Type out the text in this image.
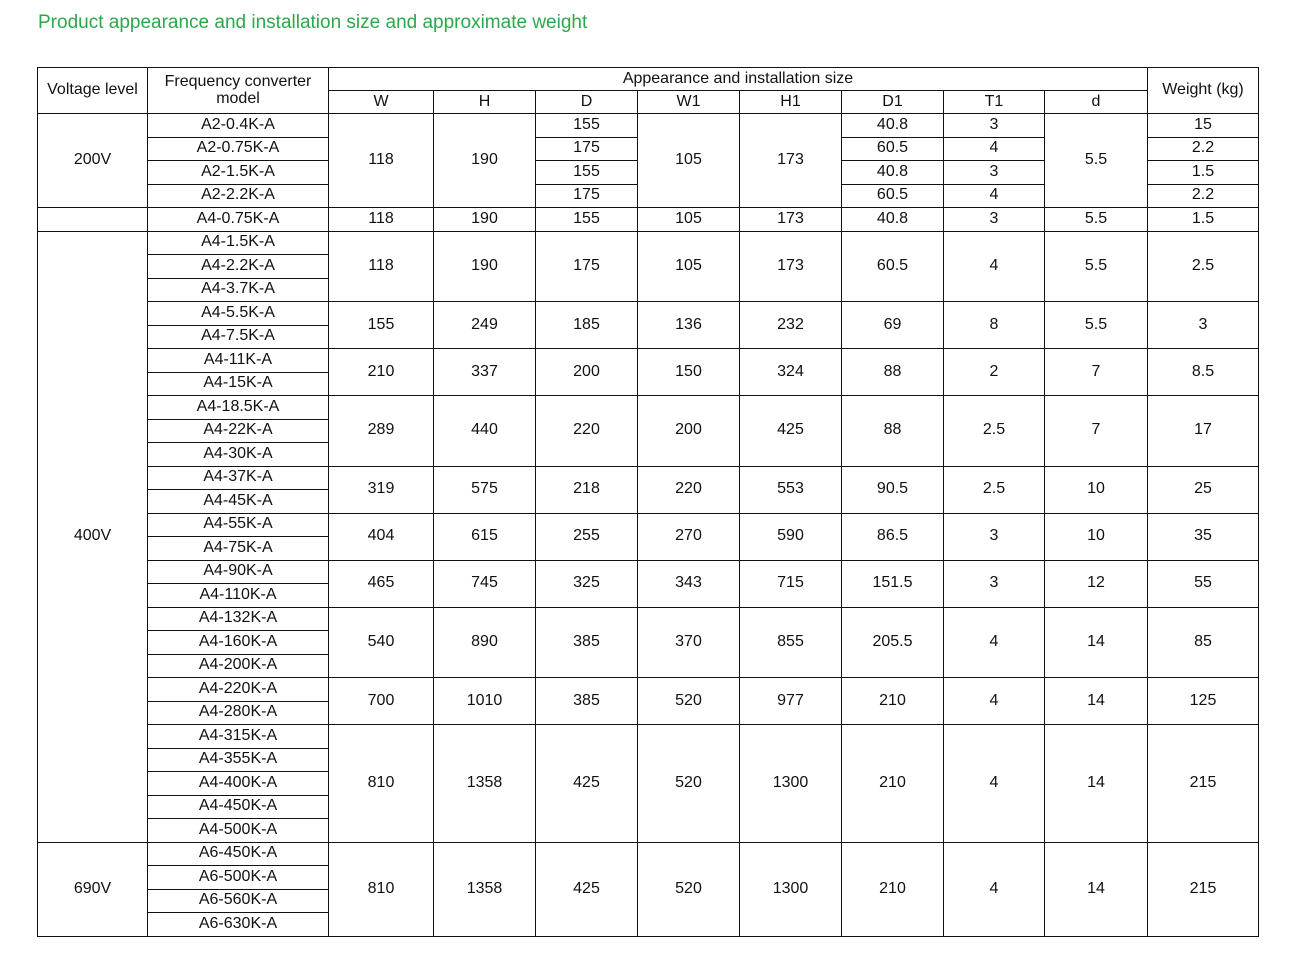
Product appearance and installation size and approximate weight
Voltage level	Frequency converter model	Appearance and installation size								Weight (kg)
		W	H	D	W1	H1	D1	T1	d	
200V	A2-0.4K-A	118	190	155	105	173	40.8	3	5.5	15
	A2-0.75K-A			175			60.5	4		2.2
	A2-1.5K-A			155			40.8	3		1.5
	A2-2.2K-A			175			60.5	4		2.2
	A4-0.75K-A	118	190	155	105	173	40.8	3	5.5	1.5
400V	A4-1.5K-A	118	190	175	105	173	60.5	4	5.5	2.5
	A4-2.2K-A									
	A4-3.7K-A									
	A4-5.5K-A	155	249	185	136	232	69	8	5.5	3
	A4-7.5K-A									
	A4-11K-A	210	337	200	150	324	88	2	7	8.5
	A4-15K-A									
	A4-18.5K-A	289	440	220	200	425	88	2.5	7	17
	A4-22K-A									
	A4-30K-A									
	A4-37K-A	319	575	218	220	553	90.5	2.5	10	25
	A4-45K-A									
	A4-55K-A	404	615	255	270	590	86.5	3	10	35
	A4-75K-A									
	A4-90K-A	465	745	325	343	715	151.5	3	12	55
	A4-110K-A									
	A4-132K-A	540	890	385	370	855	205.5	4	14	85
	A4-160K-A									
	A4-200K-A									
	A4-220K-A	700	1010	385	520	977	210	4	14	125
	A4-280K-A									
	A4-315K-A	810	1358	425	520	1300	210	4	14	215
	A4-355K-A									
	A4-400K-A									
	A4-450K-A									
	A4-500K-A									
690V	A6-450K-A	810	1358	425	520	1300	210	4	14	215
	A6-500K-A									
	A6-560K-A									
	A6-630K-A									
